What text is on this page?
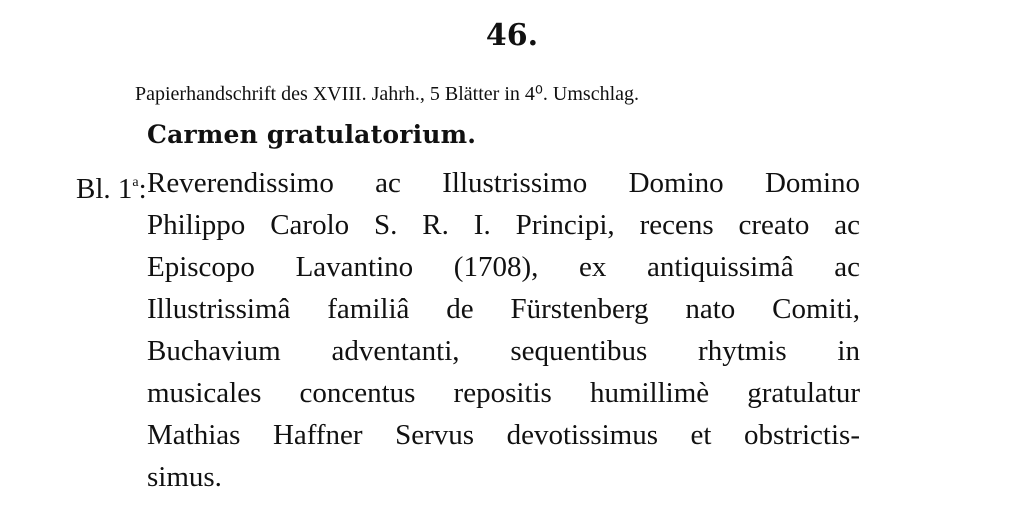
46.
Papierhandschrift des XVIII. Jahrh., 5 Blätter in 4⁰. Umschlag.
Carmen gratulatorium.
Bl. 1$^a$: Reverendissimo ac Illustrissimo Domino Domino
Philippo Carolo S. R. I. Principi, recens creato ac
Episcopo Lavantino (1708), ex antiquissimâ ac
Illustrissimâ familiâ de Fürstenberg nato Comiti,
Buchavium adventanti, sequentibus rhytmis in
musicales concentus repositis humillimè gratulatur
Mathias Haffner Servus devotissimus et obstrictis-
simus.
